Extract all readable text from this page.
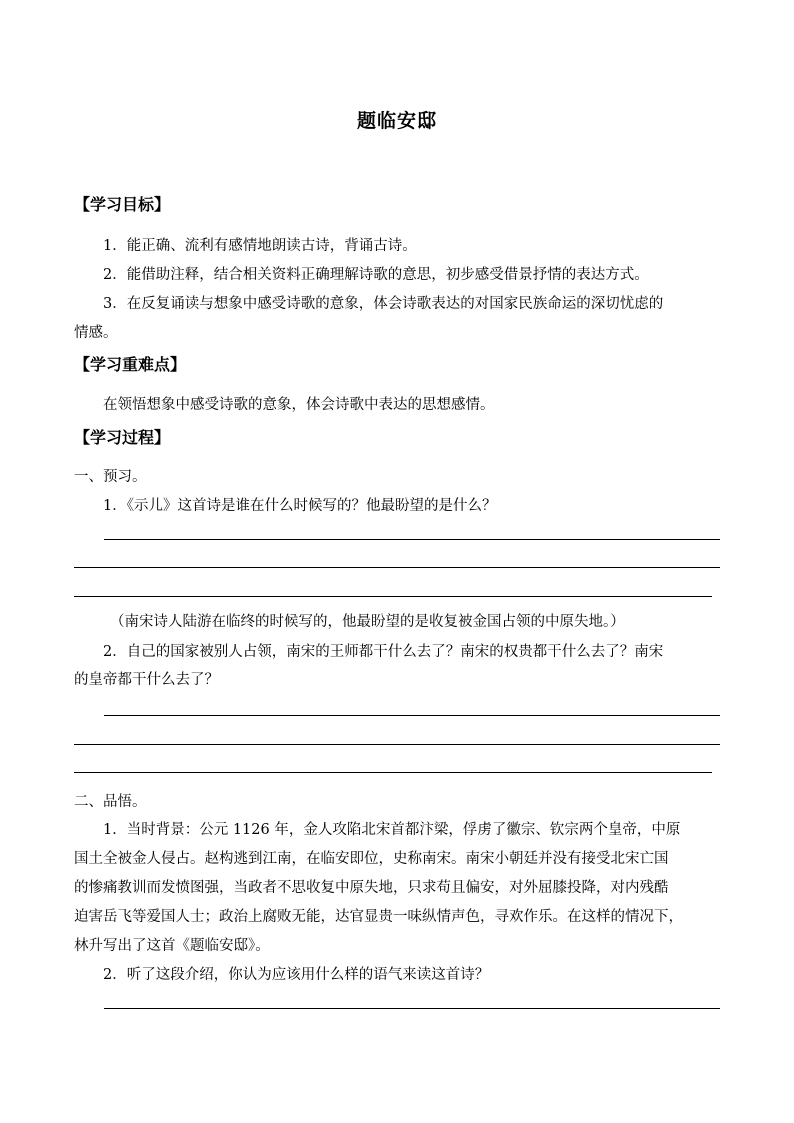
题临安邸
【学习目标】
1．能正确、流利有感情地朗读古诗，背诵古诗。
2．能借助注释，结合相关资料正确理解诗歌的意思，初步感受借景抒情的表达方式。
3．在反复诵读与想象中感受诗歌的意象，体会诗歌表达的对国家民族命运的深切忧虑的
情感。
【学习重难点】
在领悟想象中感受诗歌的意象，体会诗歌中表达的思想感情。
【学习过程】
一、预习。
1．《示儿》这首诗是谁在什么时候写的？他最盼望的是什么？
（南宋诗人陆游在临终的时候写的，他最盼望的是收复被金国占领的中原失地。）
2．自己的国家被别人占领，南宋的王师都干什么去了？南宋的权贵都干什么去了？南宋
的皇帝都干什么去了？
二、品悟。
1．当时背景：公元 1126 年，金人攻陷北宋首都汴梁，俘虏了徽宗、钦宗两个皇帝，中原
国土全被金人侵占。赵构逃到江南，在临安即位，史称南宋。南宋小朝廷并没有接受北宋亡国
的惨痛教训而发愤图强，当政者不思收复中原失地，只求苟且偏安，对外屈膝投降，对内残酷
迫害岳飞等爱国人士；政治上腐败无能，达官显贵一味纵情声色，寻欢作乐。在这样的情况下，
林升写出了这首《题临安邸》。
2．听了这段介绍，你认为应该用什么样的语气来读这首诗？
